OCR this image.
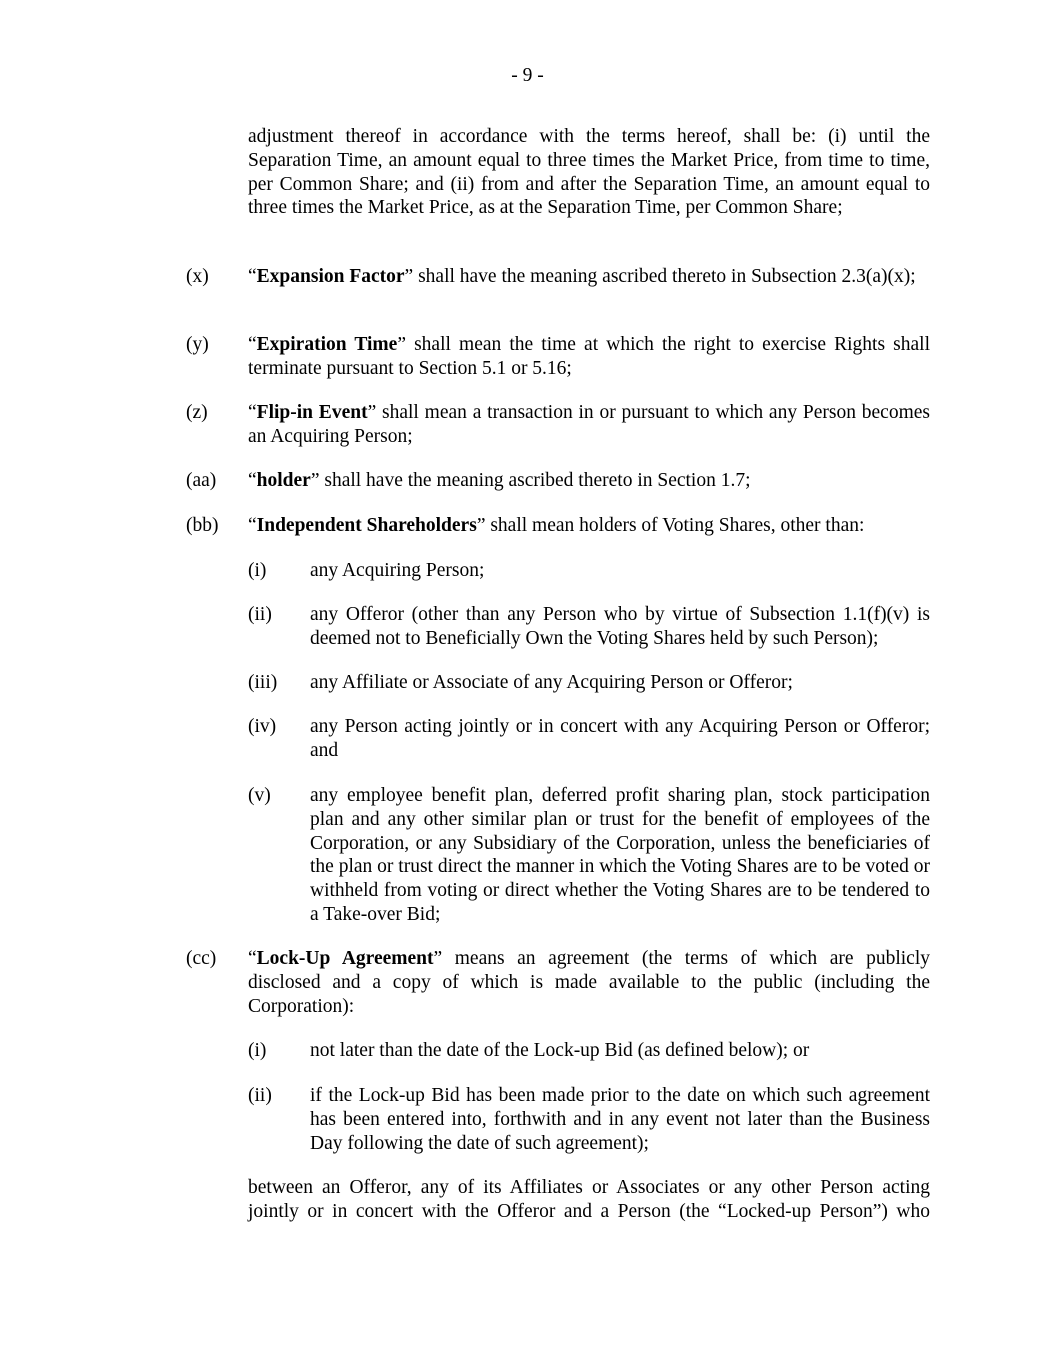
- 9 -
adjustment thereof in accordance with the terms hereof, shall be: (i) until the Separation Time, an amount equal to three times the Market Price, from time to time, per Common Share; and (ii) from and after the Separation Time, an amount equal to three times the Market Price, as at the Separation Time, per Common Share;
(x) “Expansion Factor” shall have the meaning ascribed thereto in Subsection 2.3(a)(x);
(y) “Expiration Time” shall mean the time at which the right to exercise Rights shall terminate pursuant to Section 5.1 or 5.16;
(z) “Flip-in Event” shall mean a transaction in or pursuant to which any Person becomes an Acquiring Person;
(aa) “holder” shall have the meaning ascribed thereto in Section 1.7;
(bb) “Independent Shareholders” shall mean holders of Voting Shares, other than:
(i) any Acquiring Person;
(ii) any Offeror (other than any Person who by virtue of Subsection 1.1(f)(v) is deemed not to Beneficially Own the Voting Shares held by such Person);
(iii) any Affiliate or Associate of any Acquiring Person or Offeror;
(iv) any Person acting jointly or in concert with any Acquiring Person or Offeror; and
(v) any employee benefit plan, deferred profit sharing plan, stock participation plan and any other similar plan or trust for the benefit of employees of the Corporation, or any Subsidiary of the Corporation, unless the beneficiaries of the plan or trust direct the manner in which the Voting Shares are to be voted or withheld from voting or direct whether the Voting Shares are to be tendered to a Take-over Bid;
(cc) “Lock-Up Agreement” means an agreement (the terms of which are publicly disclosed and a copy of which is made available to the public (including the Corporation):
(i) not later than the date of the Lock-up Bid (as defined below); or
(ii) if the Lock-up Bid has been made prior to the date on which such agreement has been entered into, forthwith and in any event not later than the Business Day following the date of such agreement);
between an Offeror, any of its Affiliates or Associates or any other Person acting jointly or in concert with the Offeror and a Person (the “Locked-up Person”) who
